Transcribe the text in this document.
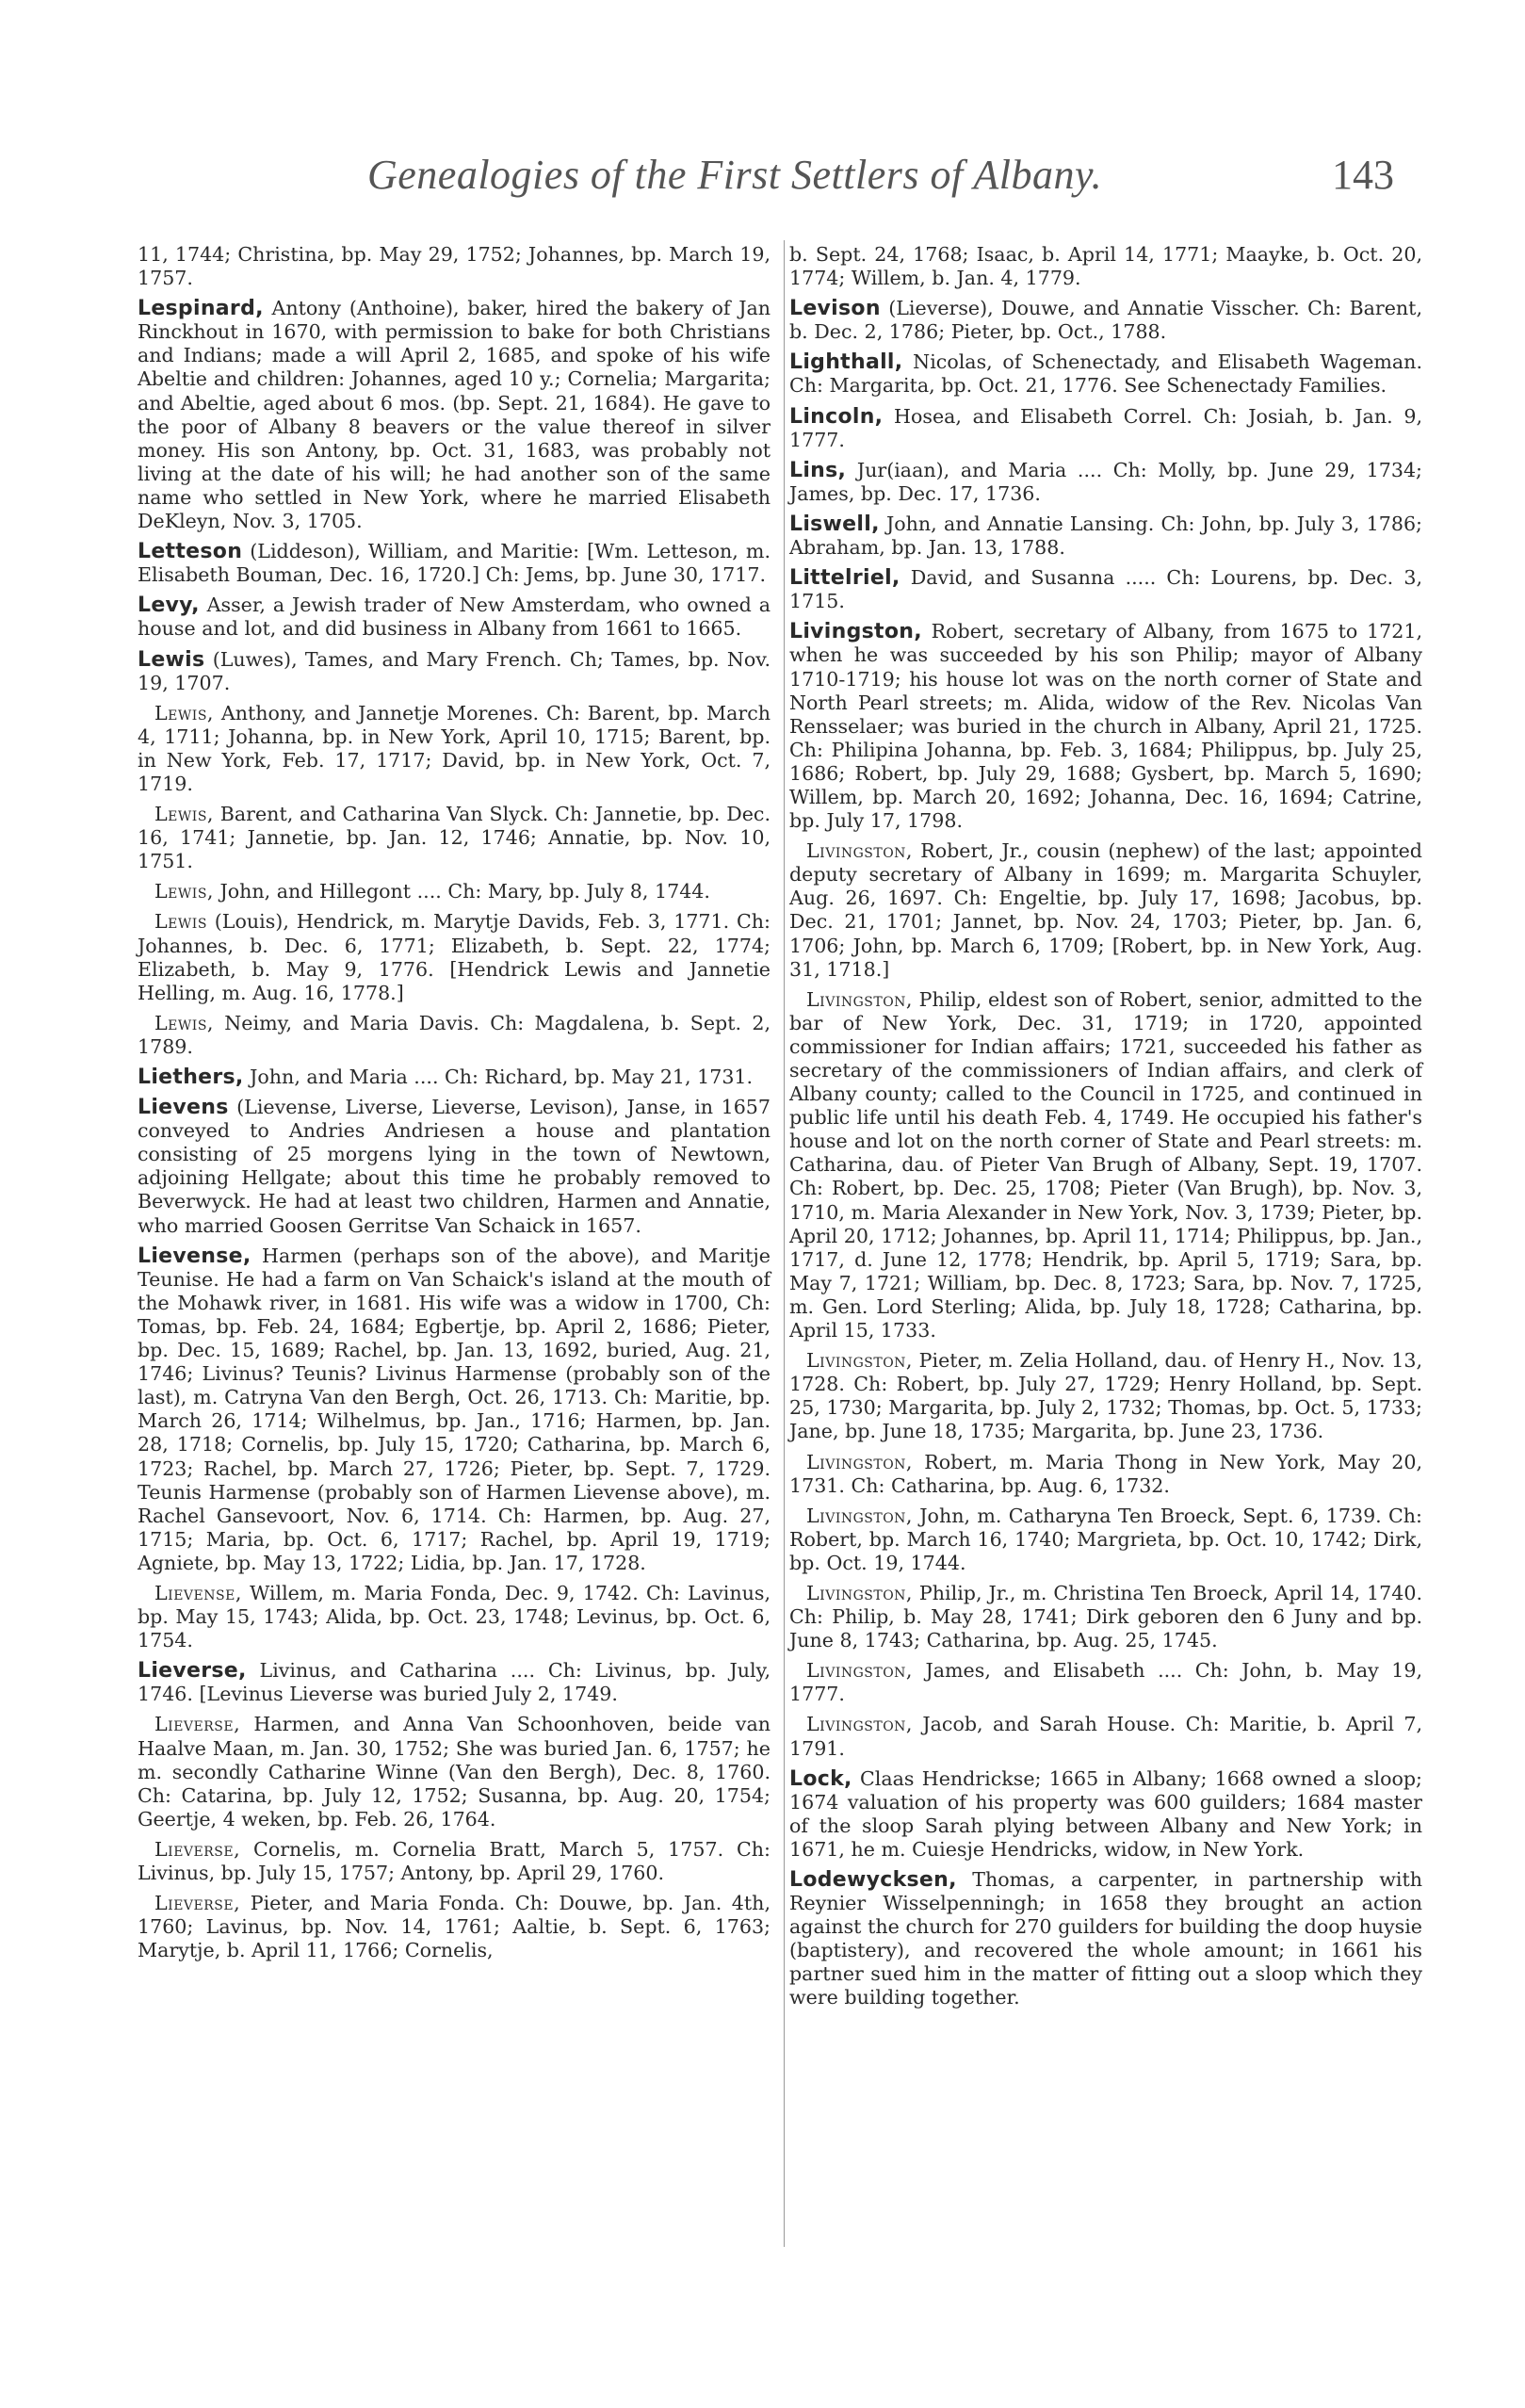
Genealogies of the First Settlers of Albany.	143

11, 1744; Christina, bp. May 29, 1752; Johannes, bp. March 19, 1757.

Lespinard, Antony (Anthoine), baker, hired the bakery of Jan Rinckhout in 1670, with permission to bake for both Christians and Indians; made a will April 2, 1685, and spoke of his wife Abeltie and children: Johannes, aged 10 y.; Cornelia; Margarita; and Abeltie, aged about 6 mos. (bp. Sept. 21, 1684). He gave to the poor of Albany 8 beavers or the value thereof in silver money. His son Antony, bp. Oct. 31, 1683, was probably not living at the date of his will; he had another son of the same name who settled in New York, where he married Elisabeth DeKleyn, Nov. 3, 1705.

Letteson (Liddeson), William, and Maritie: [Wm. Letteson, m. Elisabeth Bouman, Dec. 16, 1720.] Ch: Jems, bp. June 30, 1717.

Levy, Asser, a Jewish trader of New Amsterdam, who owned a house and lot, and did business in Albany from 1661 to 1665.

Lewis (Luwes), Tames, and Mary French. Ch; Tames, bp. Nov. 19, 1707.

Lewis, Anthony, and Jannetje Morenes. Ch: Barent, bp. March 4, 1711; Johanna, bp. in New York, April 10, 1715; Barent, bp. in New York, Feb. 17, 1717; David, bp. in New York, Oct. 7, 1719.

Lewis, Barent, and Catharina Van Slyck. Ch: Jannetie, bp. Dec. 16, 1741; Jannetie, bp. Jan. 12, 1746; Annatie, bp. Nov. 10, 1751.

Lewis, John, and Hillegont .... Ch: Mary, bp. July 8, 1744.

Lewis (Louis), Hendrick, m. Marytje Davids, Feb. 3, 1771. Ch: Johannes, b. Dec. 6, 1771; Elizabeth, b. Sept. 22, 1774; Elizabeth, b. May 9, 1776. [Hendrick Lewis and Jannetie Helling, m. Aug. 16, 1778.]

Lewis, Neimy, and Maria Davis. Ch: Magdalena, b. Sept. 2, 1789.

Liethers, John, and Maria .... Ch: Richard, bp. May 21, 1731.

Lievens (Lievense, Liverse, Lieverse, Levison), Janse, in 1657 conveyed to Andries Andriesen a house and plantation consisting of 25 morgens lying in the town of Newtown, adjoining Hellgate; about this time he probably removed to Beverwyck. He had at least two children, Harmen and Annatie, who married Goosen Gerritse Van Schaick in 1657.

Lievense, Harmen (perhaps son of the above), and Maritje Teunise. He had a farm on Van Schaick's island at the mouth of the Mohawk river, in 1681. His wife was a widow in 1700, Ch: Tomas, bp. Feb. 24, 1684; Egbertje, bp. April 2, 1686; Pieter, bp. Dec. 15, 1689; Rachel, bp. Jan. 13, 1692, buried, Aug. 21, 1746; Livinus? Teunis? Livinus Harmense (probably son of the last), m. Catryna Van den Bergh, Oct. 26, 1713. Ch: Maritie, bp. March 26, 1714; Wilhelmus, bp. Jan., 1716; Harmen, bp. Jan. 28, 1718; Cornelis, bp. July 15, 1720; Catharina, bp. March 6, 1723; Rachel, bp. March 27, 1726; Pieter, bp. Sept. 7, 1729. Teunis Harmense (probably son of Harmen Lievense above), m. Rachel Gansevoort, Nov. 6, 1714. Ch: Harmen, bp. Aug. 27, 1715; Maria, bp. Oct. 6, 1717; Rachel, bp. April 19, 1719; Agniete, bp. May 13, 1722; Lidia, bp. Jan. 17, 1728.

Lievense, Willem, m. Maria Fonda, Dec. 9, 1742. Ch: Lavinus, bp. May 15, 1743; Alida, bp. Oct. 23, 1748; Levinus, bp. Oct. 6, 1754.

Lieverse, Livinus, and Catharina .... Ch: Livinus, bp. July, 1746. [Levinus Lieverse was buried July 2, 1749.

Lieverse, Harmen, and Anna Van Schoonhoven, beide van Haalve Maan, m. Jan. 30, 1752; She was buried Jan. 6, 1757; he m. secondly Catharine Winne (Van den Bergh), Dec. 8, 1760. Ch: Catarina, bp. July 12, 1752; Susanna, bp. Aug. 20, 1754; Geertje, 4 weken, bp. Feb. 26, 1764.

Lieverse, Cornelis, m. Cornelia Bratt, March 5, 1757. Ch: Livinus, bp. July 15, 1757; Antony, bp. April 29, 1760.

Lieverse, Pieter, and Maria Fonda. Ch: Douwe, bp. Jan. 4th, 1760; Lavinus, bp. Nov. 14, 1761; Aaltie, b. Sept. 6, 1763; Marytje, b. April 11, 1766; Cornelis,

b. Sept. 24, 1768; Isaac, b. April 14, 1771; Maayke, b. Oct. 20, 1774; Willem, b. Jan. 4, 1779.

Levison (Lieverse), Douwe, and Annatie Visscher. Ch: Barent, b. Dec. 2, 1786; Pieter, bp. Oct., 1788.

Lighthall, Nicolas, of Schenectady, and Elisabeth Wageman. Ch: Margarita, bp. Oct. 21, 1776. See Schenectady Families.

Lincoln, Hosea, and Elisabeth Correl. Ch: Josiah, b. Jan. 9, 1777.

Lins, Jur(iaan), and Maria .... Ch: Molly, bp. June 29, 1734; James, bp. Dec. 17, 1736.

Liswell, John, and Annatie Lansing. Ch: John, bp. July 3, 1786; Abraham, bp. Jan. 13, 1788.

Littelriel, David, and Susanna ..... Ch: Lourens, bp. Dec. 3, 1715.

Livingston, Robert, secretary of Albany, from 1675 to 1721, when he was succeeded by his son Philip; mayor of Albany 1710-1719; his house lot was on the north corner of State and North Pearl streets; m. Alida, widow of the Rev. Nicolas Van Rensselaer; was buried in the church in Albany, April 21, 1725. Ch: Philipina Johanna, bp. Feb. 3, 1684; Philippus, bp. July 25, 1686; Robert, bp. July 29, 1688; Gysbert, bp. March 5, 1690; Willem, bp. March 20, 1692; Johanna, Dec. 16, 1694; Catrine, bp. July 17, 1798.

Livingston, Robert, Jr., cousin (nephew) of the last; appointed deputy secretary of Albany in 1699; m. Margarita Schuyler, Aug. 26, 1697. Ch: Engeltie, bp. July 17, 1698; Jacobus, bp. Dec. 21, 1701; Jannet, bp. Nov. 24, 1703; Pieter, bp. Jan. 6, 1706; John, bp. March 6, 1709; [Robert, bp. in New York, Aug. 31, 1718.]

Livingston, Philip, eldest son of Robert, senior, admitted to the bar of New York, Dec. 31, 1719; in 1720, appointed commissioner for Indian affairs; 1721, succeeded his father as secretary of the commissioners of Indian affairs, and clerk of Albany county; called to the Council in 1725, and continued in public life until his death Feb. 4, 1749. He occupied his father's house and lot on the north corner of State and Pearl streets: m. Catharina, dau. of Pieter Van Brugh of Albany, Sept. 19, 1707. Ch: Robert, bp. Dec. 25, 1708; Pieter (Van Brugh), bp. Nov. 3, 1710, m. Maria Alexander in New York, Nov. 3, 1739; Pieter, bp. April 20, 1712; Johannes, bp. April 11, 1714; Philippus, bp. Jan., 1717, d. June 12, 1778; Hendrik, bp. April 5, 1719; Sara, bp. May 7, 1721; William, bp. Dec. 8, 1723; Sara, bp. Nov. 7, 1725, m. Gen. Lord Sterling; Alida, bp. July 18, 1728; Catharina, bp. April 15, 1733.

Livingston, Pieter, m. Zelia Holland, dau. of Henry H., Nov. 13, 1728. Ch: Robert, bp. July 27, 1729; Henry Holland, bp. Sept. 25, 1730; Margarita, bp. July 2, 1732; Thomas, bp. Oct. 5, 1733; Jane, bp. June 18, 1735; Margarita, bp. June 23, 1736.

Livingston, Robert, m. Maria Thong in New York, May 20, 1731. Ch: Catharina, bp. Aug. 6, 1732.

Livingston, John, m. Catharyna Ten Broeck, Sept. 6, 1739. Ch: Robert, bp. March 16, 1740; Margrieta, bp. Oct. 10, 1742; Dirk, bp. Oct. 19, 1744.

Livingston, Philip, Jr., m. Christina Ten Broeck, April 14, 1740. Ch: Philip, b. May 28, 1741; Dirk geboren den 6 Juny and bp. June 8, 1743; Catharina, bp. Aug. 25, 1745.

Livingston, James, and Elisabeth .... Ch: John, b. May 19, 1777.

Livingston, Jacob, and Sarah House. Ch: Maritie, b. April 7, 1791.

Lock, Claas Hendrickse; 1665 in Albany; 1668 owned a sloop; 1674 valuation of his property was 600 guilders; 1684 master of the sloop Sarah plying between Albany and New York; in 1671, he m. Cuiesje Hendricks, widow, in New York.

Lodewycksen, Thomas, a carpenter, in partnership with Reynier Wisselpenningh; in 1658 they brought an action against the church for 270 guilders for building the doop huysie (baptistery), and recovered the whole amount; in 1661 his partner sued him in the matter of fitting out a sloop which they were building together.
